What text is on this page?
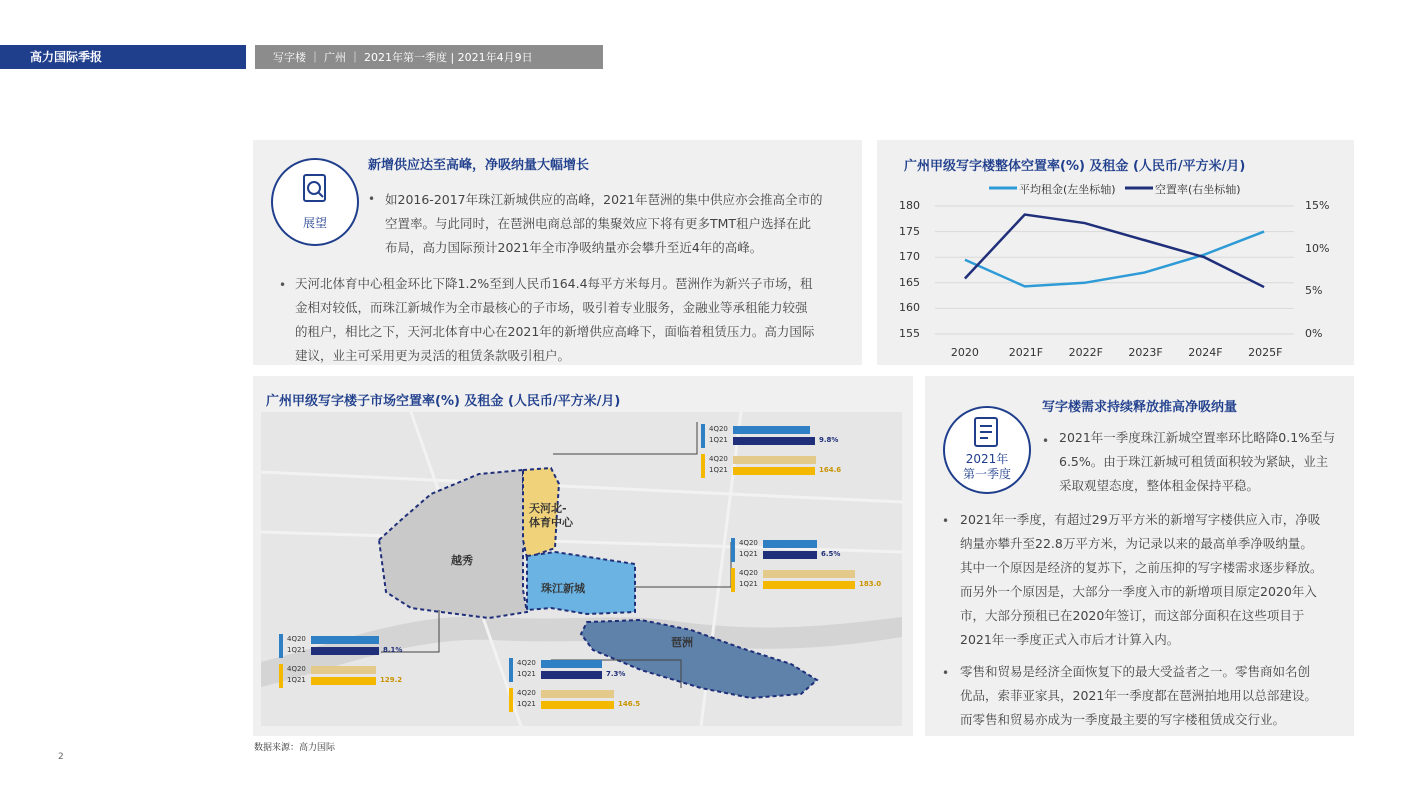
高力国际季报	写字楼 ｜ 广州 ｜ 2021年第一季度 | 2021年4月9日
新增供应达至高峰，净吸纳量大幅增长
展望
• 如2016-2017年珠江新城供应的高峰，2021年琶洲的集中供应亦会推高全市的
空置率。与此同时，在琶洲电商总部的集聚效应下将有更多TMT租户选择在此
布局，高力国际预计2021年全市净吸纳量亦会攀升至近4年的高峰。
• 天河北体育中心租金环比下降1.2%至到人民币164.4每平方米每月。琶洲作为新兴子市场，租
金相对较低，而珠江新城作为全市最核心的子市场，吸引着专业服务，金融业等承租能力较强
的租户，相比之下，天河北体育中心在2021年的新增供应高峰下，面临着租赁压力。高力国际
建议，业主可采用更为灵活的租赁条款吸引租户。
广州甲级写字楼整体空置率(%) 及租金 (人民币/平方米/月)
平均租金(左坐标轴)	空置率(右坐标轴)
155
160
165
170
175
180
0%
5%
10%
15%
2020	2021F 2022F 2023F 2024F 2025F
广州甲级写字楼子市场空置率(%) 及租金 (人民币/平方米/月)
越秀
天河北-
体育中心
珠江新城
琶洲
4Q20
1Q21	9.8%
4Q20
1Q21	164.6
4Q20
1Q21	6.5%
4Q20
1Q21	183.0
4Q20
1Q21	8.1%
4Q20
1Q21	129.2
4Q20
1Q21	7.3%
4Q20
1Q21	146.5
写字楼需求持续释放推高净吸纳量
2021年
第一季度
• 2021年一季度珠江新城空置率环比略降0.1%至与
6.5%。由于珠江新城可租赁面积较为紧缺，业主
采取观望态度，整体租金保持平稳。
• 2021年一季度，有超过29万平方米的新增写字楼供应入市，净吸
纳量亦攀升至22.8万平方米，为记录以来的最高单季净吸纳量。
其中一个原因是经济的复苏下，之前压抑的写字楼需求逐步释放。
而另外一个原因是，大部分一季度入市的新增项目原定2020年入
市，大部分预租已在2020年签订，而这部分面积在这些项目于
2021年一季度正式入市后才计算入内。
• 零售和贸易是经济全面恢复下的最大受益者之一。零售商如名创
优品，索菲亚家具，2021年一季度都在琶洲拍地用以总部建设。
而零售和贸易亦成为一季度最主要的写字楼租赁成交行业。
数据来源：高力国际
2
